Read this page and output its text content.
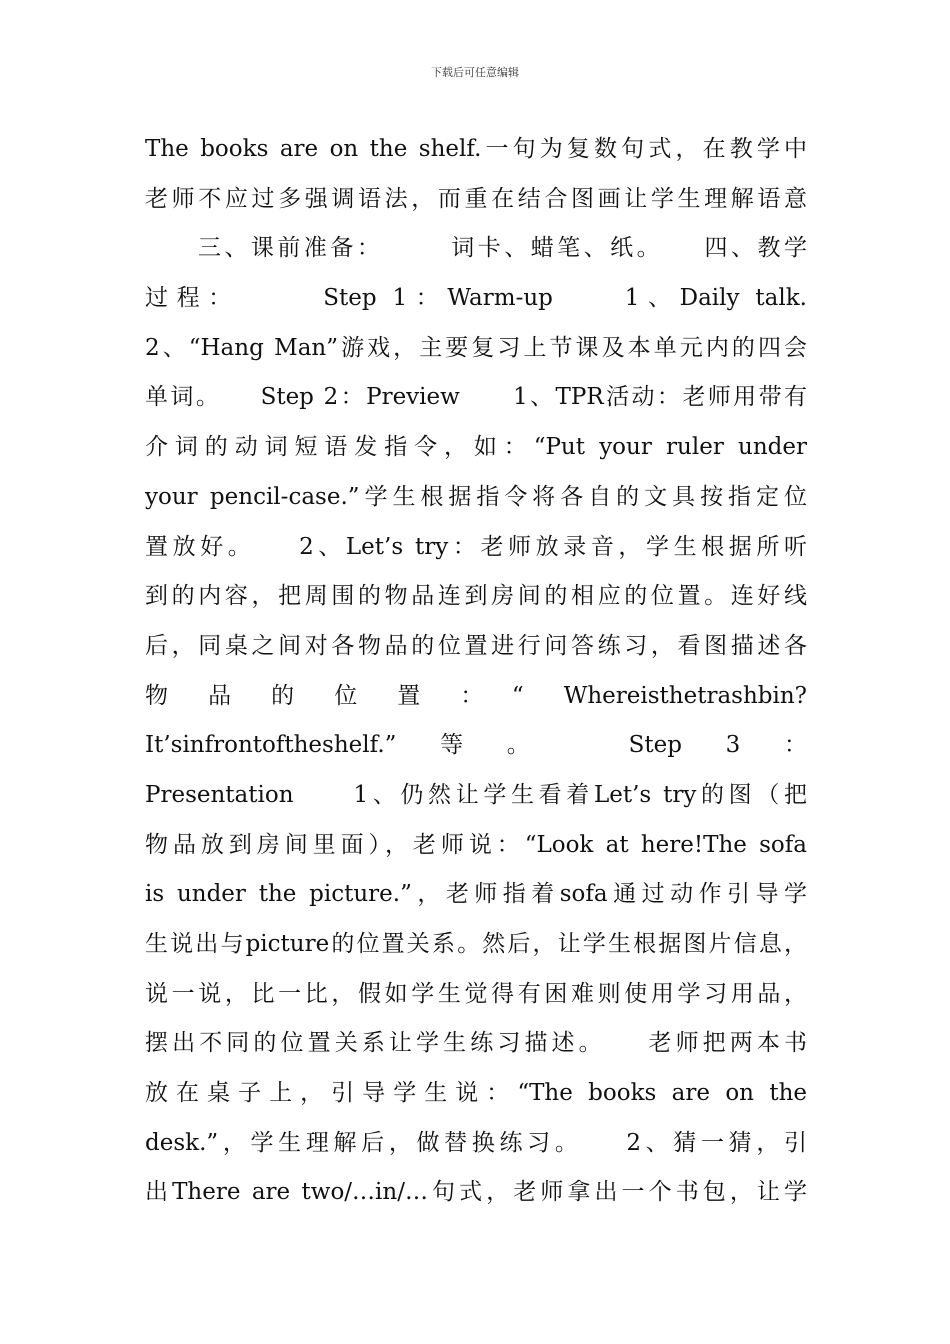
下载后可任意编辑
The books are on the shelf.一句为复数句式，在教学中
老师不应过多强调语法，而重在结合图画让学生理解语意
　　三、课前准备：　　　词卡、蜡笔、纸。　　四、教学
过程：　　　Step 1：Warm-up　　1、Daily talk.
2、“Hang Man”游戏，主要复习上节课及本单元内的四会
单词。　　Step 2：Preview　　1、TPR活动：老师用带有
介词的动词短语发指令，如：“Put your ruler under
your pencil-case.”学生根据指令将各自的文具按指定位
置放好。　　2、Let’s try：老师放录音，学生根据所听
到的内容，把周围的物品连到房间的相应的位置。连好线
后，同桌之间对各物品的位置进行问答练习，看图描述各
物　品　的　位　置　：　“　Whereisthetrashbin?
It’sinfrontoftheshelf.”　等　。　　　Step　3　：
Presentation　　1、仍然让学生看着Let’s try的图（把
物品放到房间里面），老师说：“Look at here!The sofa
is under the picture.”，老师指着sofa通过动作引导学
生说出与picture的位置关系。然后，让学生根据图片信息，
说一说，比一比，假如学生觉得有困难则使用学习用品，
摆出不同的位置关系让学生练习描述。　　老师把两本书
放在桌子上，引导学生说：“The books are on the
desk.”，学生理解后，做替换练习。　　2、猜一猜，引
出There are two/…in/…句式，老师拿出一个书包，让学
